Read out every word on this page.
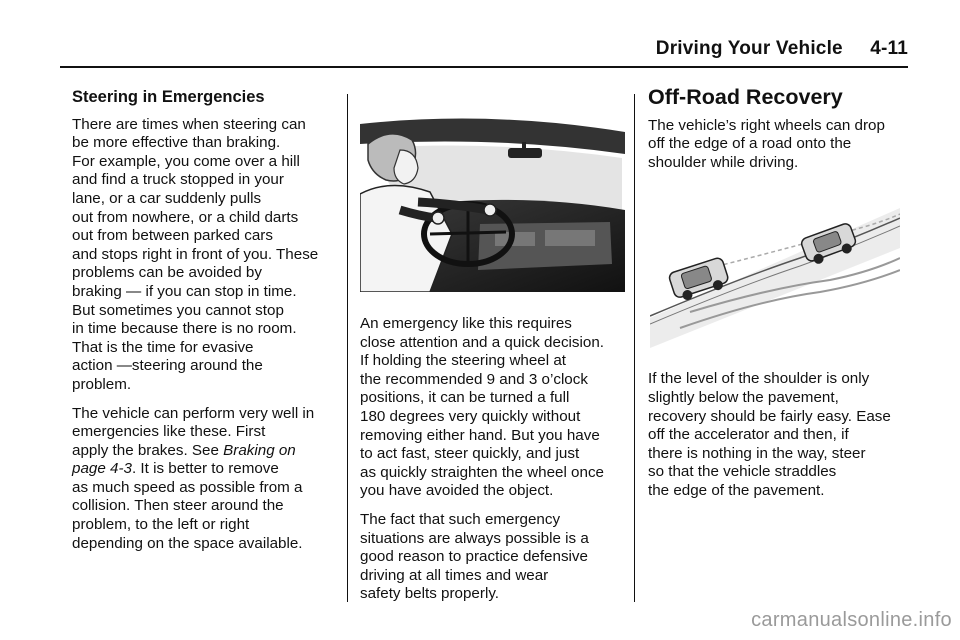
Driving Your Vehicle     4-11
Steering in Emergencies
There are times when steering can
be more effective than braking.
For example, you come over a hill
and find a truck stopped in your
lane, or a car suddenly pulls
out from nowhere, or a child darts
out from between parked cars
and stops right in front of you. These
problems can be avoided by
braking — if you can stop in time.
But sometimes you cannot stop
in time because there is no room.
That is the time for evasive
action —steering around the
problem.
The vehicle can perform very well in
emergencies like these. First
apply the brakes. See Braking on
page 4-3. It is better to remove
as much speed as possible from a
collision. Then steer around the
problem, to the left or right
depending on the space available.
An emergency like this requires
close attention and a quick decision.
If holding the steering wheel at
the recommended 9 and 3 o’clock
positions, it can be turned a full
180 degrees very quickly without
removing either hand. But you have
to act fast, steer quickly, and just
as quickly straighten the wheel once
you have avoided the object.
The fact that such emergency
situations are always possible is a
good reason to practice defensive
driving at all times and wear
safety belts properly.
Off-Road Recovery
The vehicle’s right wheels can drop
off the edge of a road onto the
shoulder while driving.
If the level of the shoulder is only
slightly below the pavement,
recovery should be fairly easy. Ease
off the accelerator and then, if
there is nothing in the way, steer
so that the vehicle straddles
the edge of the pavement.
carmanualsonline.info
